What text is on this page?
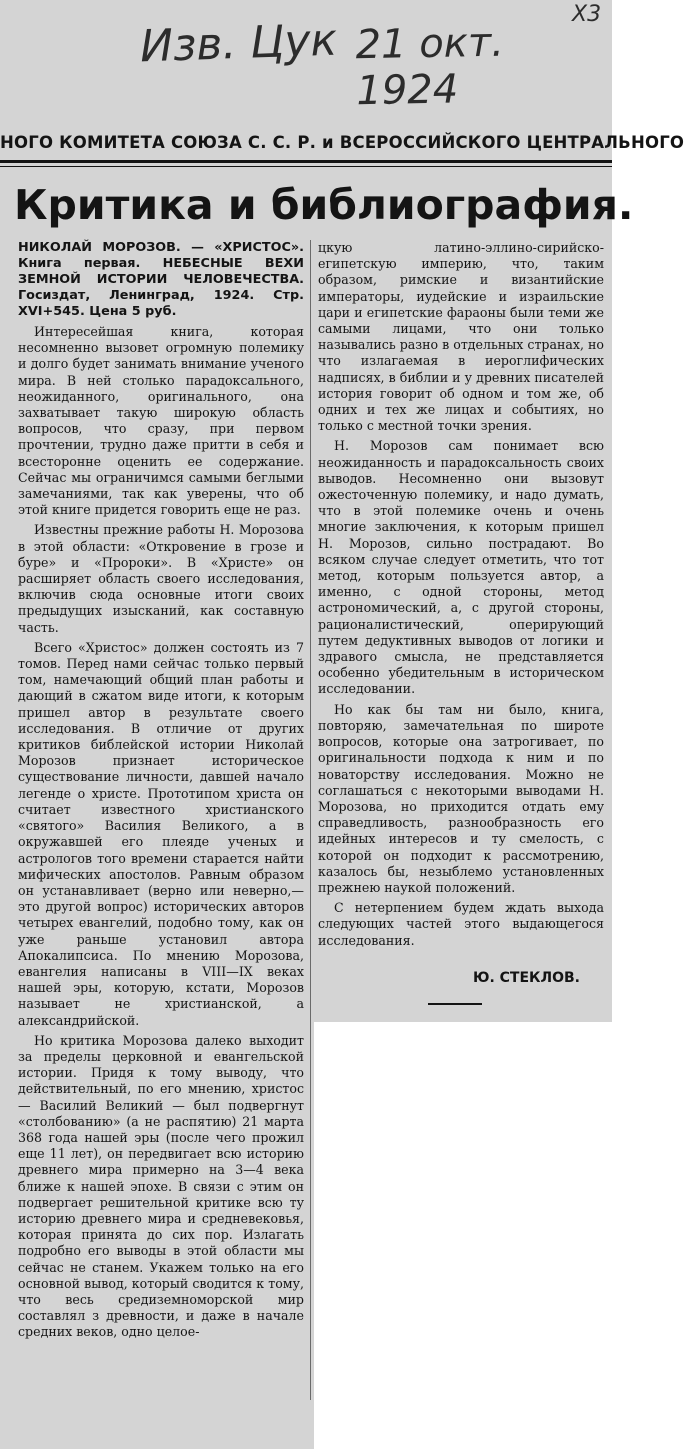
Изв. Цук 21 окт. 1924
Х3
НОГО КОМИТЕТА СОЮЗА С. С. Р. и ВСЕРОССИЙСКОГО ЦЕНТРАЛЬНОГО
Критика и библиография.
НИКОЛАЙ МОРОЗОВ. — «ХРИСТОС». Книга первая. НЕБЕСНЫЕ ВЕХИ ЗЕМНОЙ ИСТОРИИ ЧЕЛОВЕЧЕСТВА. Госиздат, Ленинград, 1924. Стр. XVI+545. Цена 5 руб.

Интересейшая книга, которая несомненно вызовет огромную полемику и долго будет занимать внимание ученого мира. В ней столько парадоксального, неожиданного, оригинального, она захватывает такую широкую область вопросов, что сразу, при первом прочтении, трудно даже притти в себя и всесторонне оценить ее содержание. Сейчас мы ограничимся самыми беглыми замечаниями, так как уверены, что об этой книге придется говорить еще не раз.

Известны прежние работы Н. Морозова в этой области: «Откровение в грозе и буре» и «Пророки». В «Христе» он расширяет область своего исследования, включив сюда основные итоги своих предыдущих изысканий, как составную часть.

Всего «Христос» должен состоять из 7 томов. Перед нами сейчас только первый том, намечающий общий план работы и дающий в сжатом виде итоги, к которым пришел автор в результате своего исследования. В отличие от других критиков библейской истории Николай Морозов признает историческое существование личности, давшей начало легенде о христе. Прототипом христа он считает известного христианского «святого» Василия Великого, а в окружавшей его плеяде ученых и астрологов того времени старается найти мифических апостолов. Равным образом он устанавливает (верно или неверно,—это другой вопрос) исторических авторов четырех евангелий, подобно тому, как он уже раньше установил автора Апокалипсиса. По мнению Морозова, евангелия написаны в VIII—IX веках нашей эры, которую, кстати, Морозов называет не христианской, а александрийской.

Но критика Морозова далеко выходит за пределы церковной и евангельской истории. Придя к тому выводу, что действительный, по его мнению, христос— Василий Великий — был подвергнут «столбованию» (а не распятию) 21 марта 368 года нашей эры (после чего прожил еще 11 лет), он передвигает всю историю древнего мира примерно на 3—4 века ближе к нашей эпохе. В связи с этим он подвергает решительной критике всю ту историю древнего мира и средневековья, которая принята до сих пор. Излагать подробно его выводы в этой области мы сейчас не станем. Укажем только на его основной вывод, который сводится к тому, что весь средиземноморской мир составлял з древности, и даже в начале средних веков, одно целое-

цкую латино-эллино-сирийско-египетскую империю, что, таким образом, римские и византийские императоры, иудейские и израильские цари и египетские фараоны были теми же самыми лицами, что они только назывались разно в отдельных странах, но что излагаемая в иероглифических надписях, в библии и у древних писателей история говорит об одном и том же, об одних и тех же лицах и событиях, но только с местной точки зрения.

Н. Морозов сам понимает всю неожиданность и парадоксальность своих выводов. Несомненно они вызовут ожесточенную полемику, и надо думать, что в этой полемике очень и очень многие заключения, к которым пришел Н. Морозов, сильно пострадают. Во всяком случае следует отметить, что тот метод, которым пользуется автор, а именно, с одной стороны, метод астрономический, а, с другой стороны, рационалистический, оперирующий путем дедуктивных выводов от логики и здравого смысла, не представляется особенно убедительным в историческом исследовании.

Но как бы там ни было, книга, повторяю, замечательная по широте вопросов, которые она затрогивает, по оригинальности подхода к ним и по новаторству исследования. Можно не соглашаться с некоторыми выводами Н. Морозова, но приходится отдать ему справедливость, разнообразность его идейных интересов и ту смелость, с которой он подходит к рассмотрению, казалось бы, незыблемо установленных прежнею наукой положений.

С нетерпением будем ждать выхода следующих частей этого выдающегося исследования.

Ю. СТЕКЛОВ.
